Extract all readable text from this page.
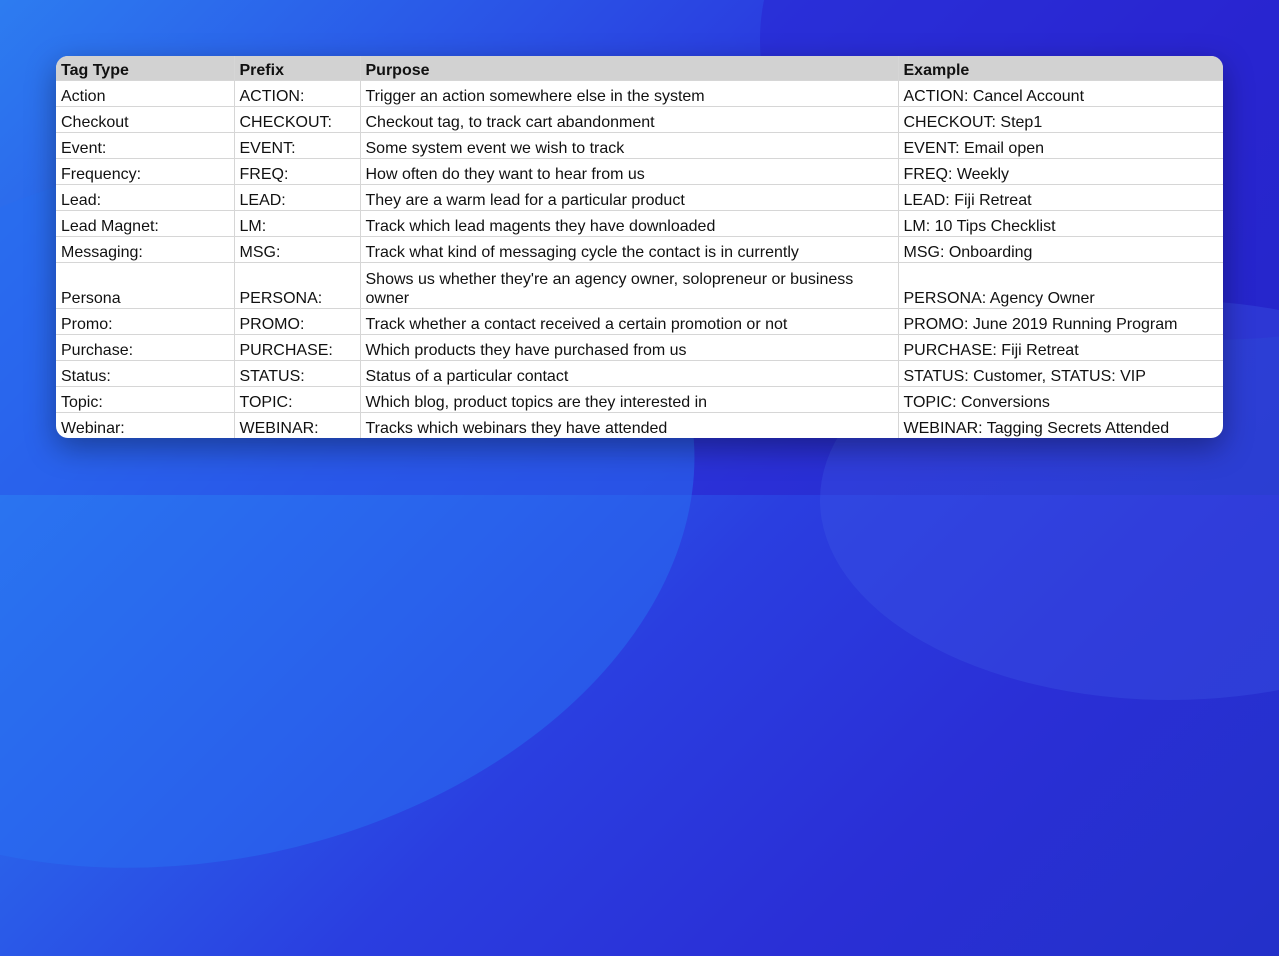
Tag Type	Prefix	Purpose	Example
Action	ACTION:	Trigger an action somewhere else in the system	ACTION: Cancel Account
Checkout	CHECKOUT:	Checkout tag, to track cart abandonment	CHECKOUT: Step1
Event:	EVENT:	Some system event we wish to track	EVENT: Email open
Frequency:	FREQ:	How often do they want to hear from us	FREQ: Weekly
Lead:	LEAD:	They are a warm lead for a particular product	LEAD: Fiji Retreat
Lead Magnet:	LM:	Track which lead magents they have downloaded	LM: 10 Tips Checklist
Messaging:	MSG:	Track what kind of messaging cycle the contact is in currently	MSG: Onboarding
Persona	PERSONA:	Shows us whether they're an agency owner, solopreneur or business owner	PERSONA: Agency Owner
Promo:	PROMO:	Track whether a contact received a certain promotion or not	PROMO: June 2019 Running Program
Purchase:	PURCHASE:	Which products they have purchased from us	PURCHASE: Fiji Retreat
Status:	STATUS:	Status of a particular contact	STATUS: Customer, STATUS: VIP
Topic:	TOPIC:	Which blog, product topics are they interested in	TOPIC: Conversions
Webinar:	WEBINAR:	Tracks which webinars they have attended	WEBINAR: Tagging Secrets Attended
